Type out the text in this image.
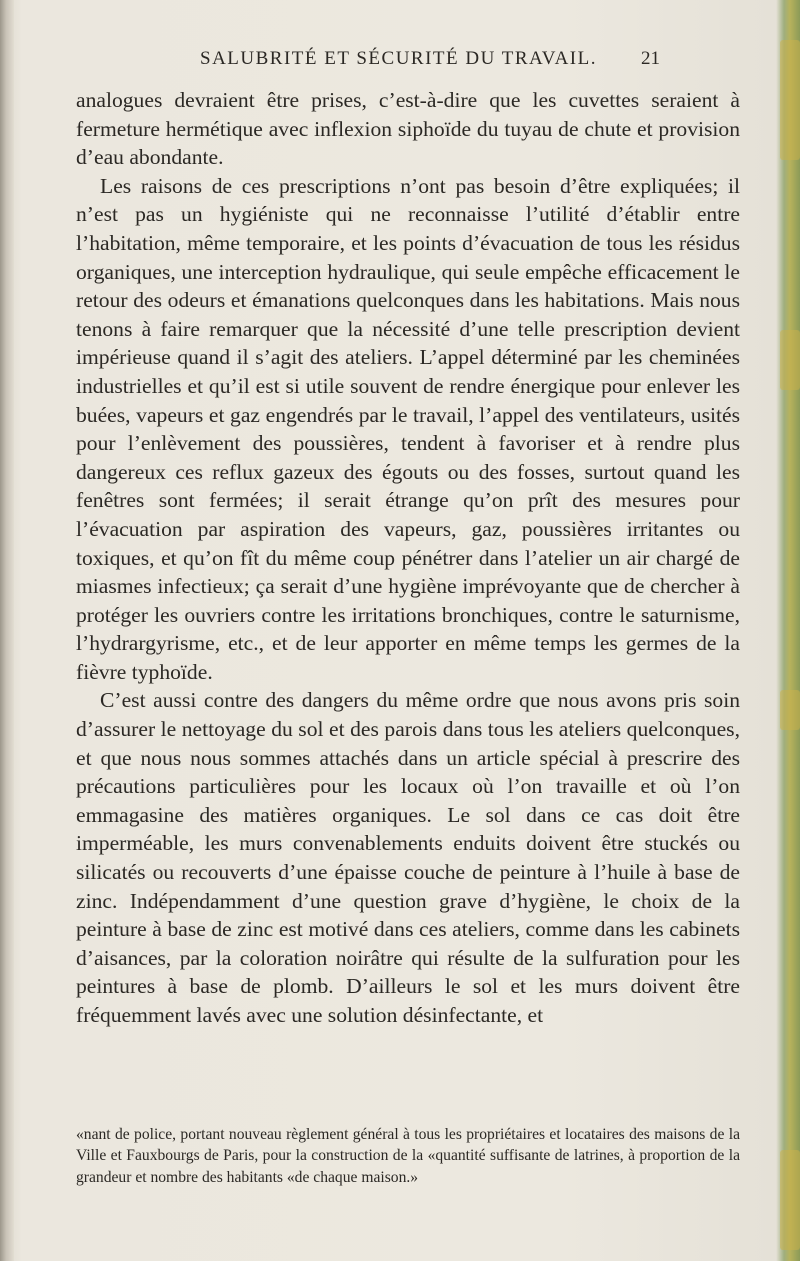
SALUBRITÉ ET SÉCURITÉ DU TRAVAIL. 21

analogues devraient être prises, c’est-à-dire que les cuvettes seraient à fermeture hermétique avec inflexion siphoïde du tuyau de chute et provision d’eau abondante.

Les raisons de ces prescriptions n’ont pas besoin d’être expliquées; il n’est pas un hygiéniste qui ne reconnaisse l’utilité d’établir entre l’habitation, même temporaire, et les points d’évacuation de tous les résidus organiques, une interception hydraulique, qui seule empêche efficacement le retour des odeurs et émanations quelconques dans les habitations. Mais nous tenons à faire remarquer que la nécessité d’une telle prescription devient impérieuse quand il s’agit des ateliers. L’appel déterminé par les cheminées industrielles et qu’il est si utile souvent de rendre énergique pour enlever les buées, vapeurs et gaz engendrés par le travail, l’appel des ventilateurs, usités pour l’enlèvement des poussières, tendent à favoriser et à rendre plus dangereux ces reflux gazeux des égouts ou des fosses, surtout quand les fenêtres sont fermées; il serait étrange qu’on prît des mesures pour l’évacuation par aspiration des vapeurs, gaz, poussières irritantes ou toxiques, et qu’on fît du même coup pénétrer dans l’atelier un air chargé de miasmes infectieux; ça serait d’une hygiène imprévoyante que de chercher à protéger les ouvriers contre les irritations bronchiques, contre le saturnisme, l’hydrargyrisme, etc., et de leur apporter en même temps les germes de la fièvre typhoïde.

C’est aussi contre des dangers du même ordre que nous avons pris soin d’assurer le nettoyage du sol et des parois dans tous les ateliers quelconques, et que nous nous sommes attachés dans un article spécial à prescrire des précautions particulières pour les locaux où l’on travaille et où l’on emmagasine des matières organiques. Le sol dans ce cas doit être imperméable, les murs convenablements enduits doivent être stuckés ou silicatés ou recouverts d’une épaisse couche de peinture à l’huile à base de zinc. Indépendamment d’une question grave d’hygiène, le choix de la peinture à base de zinc est motivé dans ces ateliers, comme dans les cabinets d’aisances, par la coloration noirâtre qui résulte de la sulfuration pour les peintures à base de plomb. D’ailleurs le sol et les murs doivent être fréquemment lavés avec une solution désinfectante, et

«nant de police, portant nouveau règlement général à tous les propriétaires et locataires des maisons de la Ville et Fauxbourgs de Paris, pour la construction de la «quantité suffisante de latrines, à proportion de la grandeur et nombre des habitants «de chaque maison.»
